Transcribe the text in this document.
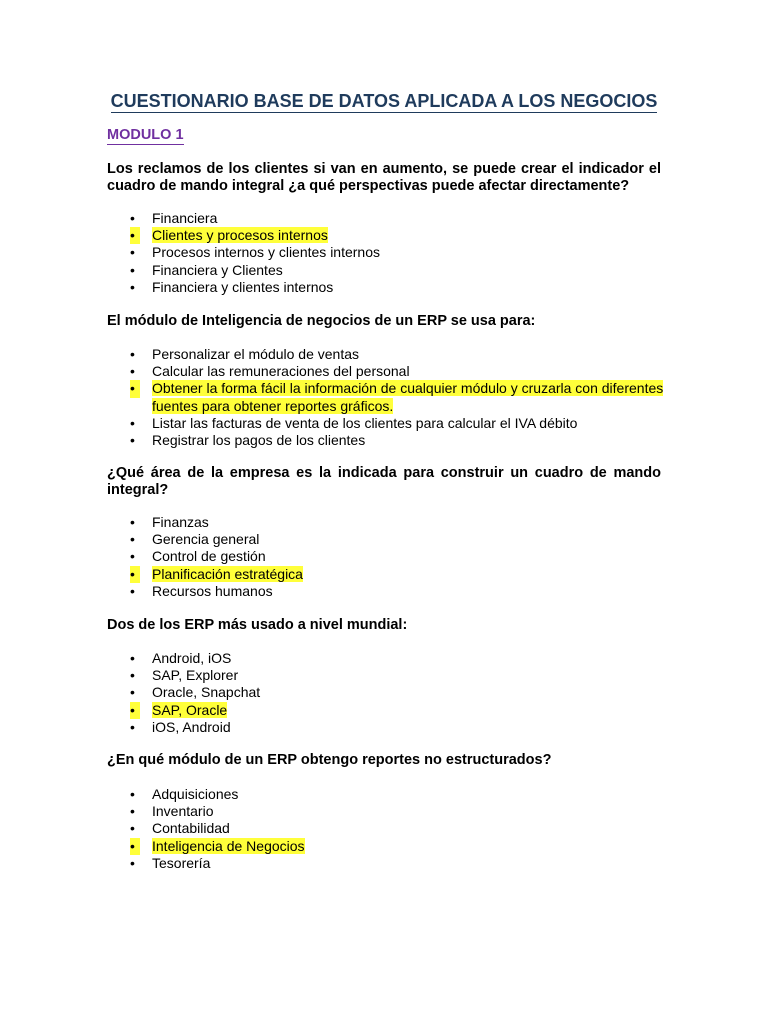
CUESTIONARIO BASE DE DATOS APLICADA A LOS NEGOCIOS
MODULO 1
Los reclamos de los clientes si van en aumento, se puede crear el indicador el cuadro de mando integral ¿a qué perspectivas puede afectar directamente?
•	Financiera
•	Clientes y procesos internos
•	Procesos internos y clientes internos
•	Financiera y Clientes
•	Financiera y clientes internos
El módulo de Inteligencia de negocios de un ERP se usa para:
•	Personalizar el módulo de ventas
•	Calcular las remuneraciones del personal
•	Obtener la forma fácil la información de cualquier módulo y cruzarla con diferentes
fuentes para obtener reportes gráficos.
•	Listar las facturas de venta de los clientes para calcular el IVA débito
•	Registrar los pagos de los clientes
¿Qué área de la empresa es la indicada para construir un cuadro de mando integral?
•	Finanzas
•	Gerencia general
•	Control de gestión
•	Planificación estratégica
•	Recursos humanos
Dos de los ERP más usado a nivel mundial:
•	Android, iOS
•	SAP, Explorer
•	Oracle, Snapchat
•	SAP, Oracle
•	iOS, Android
¿En qué módulo de un ERP obtengo reportes no estructurados?
•	Adquisiciones
•	Inventario
•	Contabilidad
•	Inteligencia de Negocios
•	Tesorería
